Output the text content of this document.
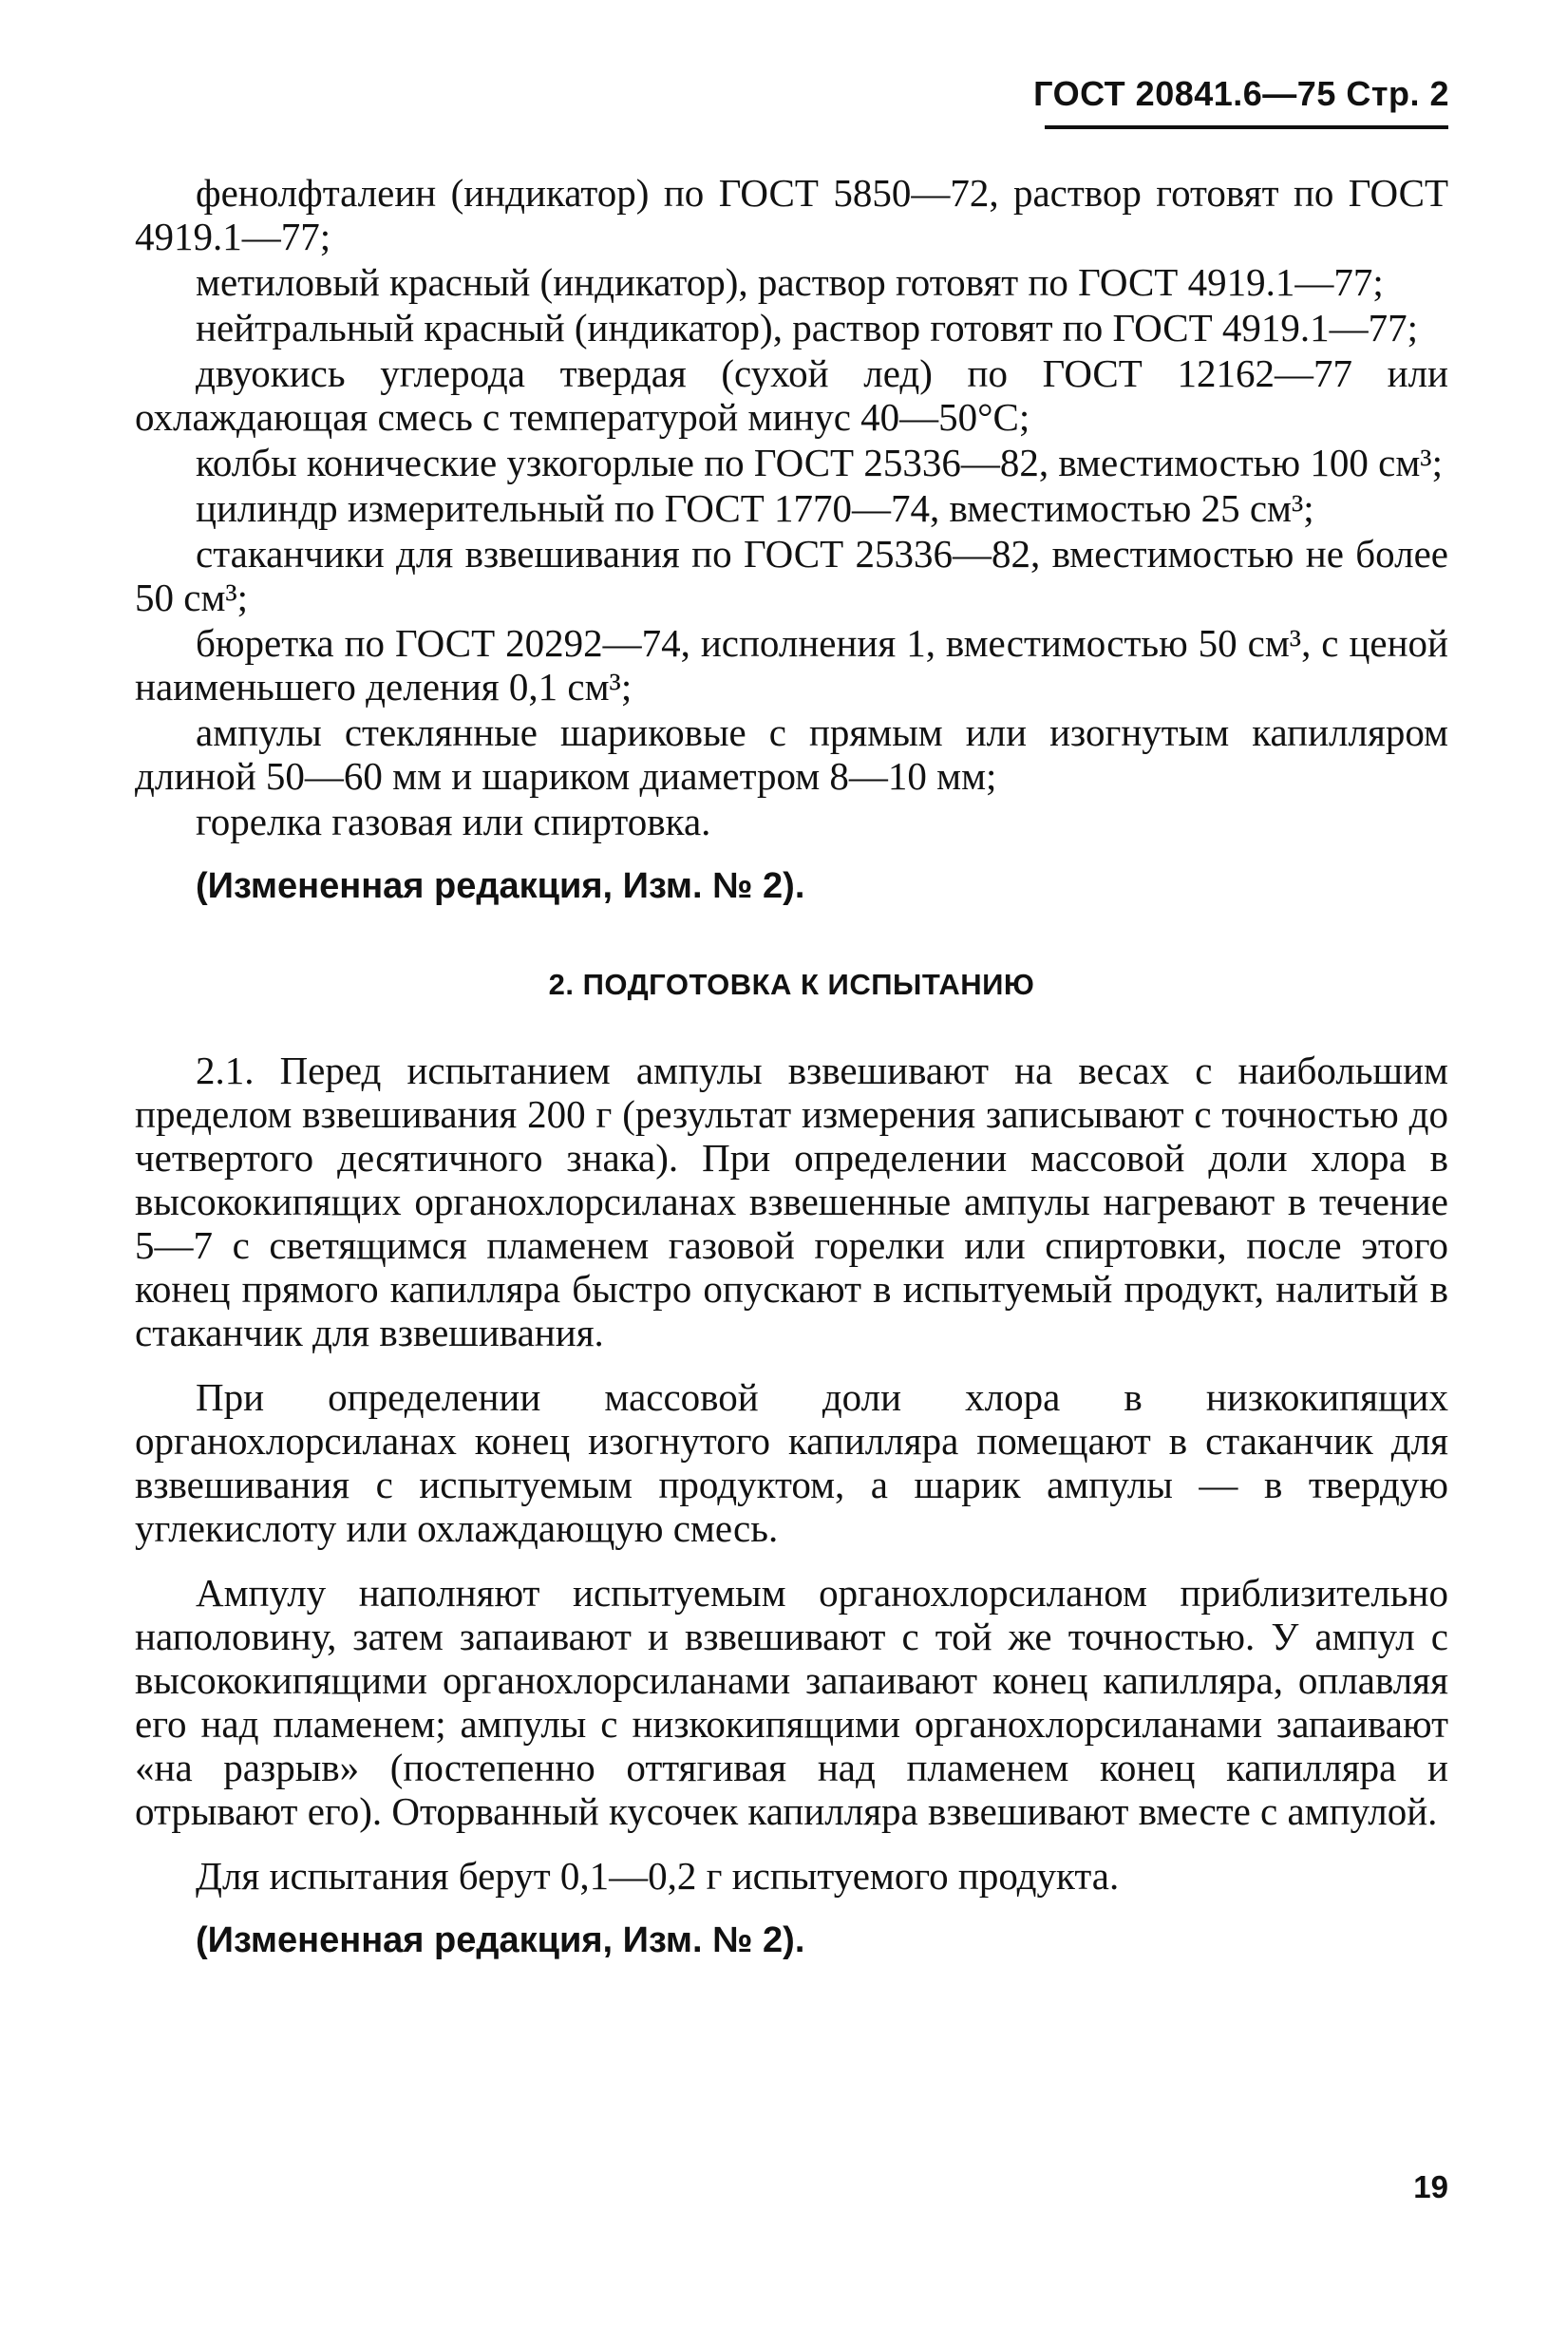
ГОСТ 20841.6—75 Стр. 2

фенолфталеин (индикатор) по ГОСТ 5850—72, раствор готовят по ГОСТ 4919.1—77;

метиловый красный (индикатор), раствор готовят по ГОСТ 4919.1—77;

нейтральный красный (индикатор), раствор готовят по ГОСТ 4919.1—77;

двуокись углерода твердая (сухой лед) по ГОСТ 12162—77 или охлаждающая смесь с температурой минус 40—50°С;

колбы конические узкогорлые по ГОСТ 25336—82, вместимостью 100 см³;

цилиндр измерительный по ГОСТ 1770—74, вместимостью 25 см³;

стаканчики для взвешивания по ГОСТ 25336—82, вместимостью не более 50 см³;

бюретка по ГОСТ 20292—74, исполнения 1, вместимостью 50 см³, с ценой наименьшего деления 0,1 см³;

ампулы стеклянные шариковые с прямым или изогнутым капилляром длиной 50—60 мм и шариком диаметром 8—10 мм;

горелка газовая или спиртовка.

(Измененная редакция, Изм. № 2).

2. ПОДГОТОВКА К ИСПЫТАНИЮ

2.1. Перед испытанием ампулы взвешивают на весах с наибольшим пределом взвешивания 200 г (результат измерения записывают с точностью до четвертого десятичного знака). При определении массовой доли хлора в высококипящих органохлорсиланах взвешенные ампулы нагревают в течение 5—7 с светящимся пламенем газовой горелки или спиртовки, после этого конец прямого капилляра быстро опускают в испытуемый продукт, налитый в стаканчик для взвешивания.

При определении массовой доли хлора в низкокипящих органохлорсиланах конец изогнутого капилляра помещают в стаканчик для взвешивания с испытуемым продуктом, а шарик ампулы — в твердую углекислоту или охлаждающую смесь.

Ампулу наполняют испытуемым органохлорсиланом приблизительно наполовину, затем запаивают и взвешивают с той же точностью. У ампул с высококипящими органохлорсиланами запаивают конец капилляра, оплавляя его над пламенем; ампулы с низкокипящими органохлорсиланами запаивают «на разрыв» (постепенно оттягивая над пламенем конец капилляра и отрывают его). Оторванный кусочек капилляра взвешивают вместе с ампулой.

Для испытания берут 0,1—0,2 г испытуемого продукта.

(Измененная редакция, Изм. № 2).

19
